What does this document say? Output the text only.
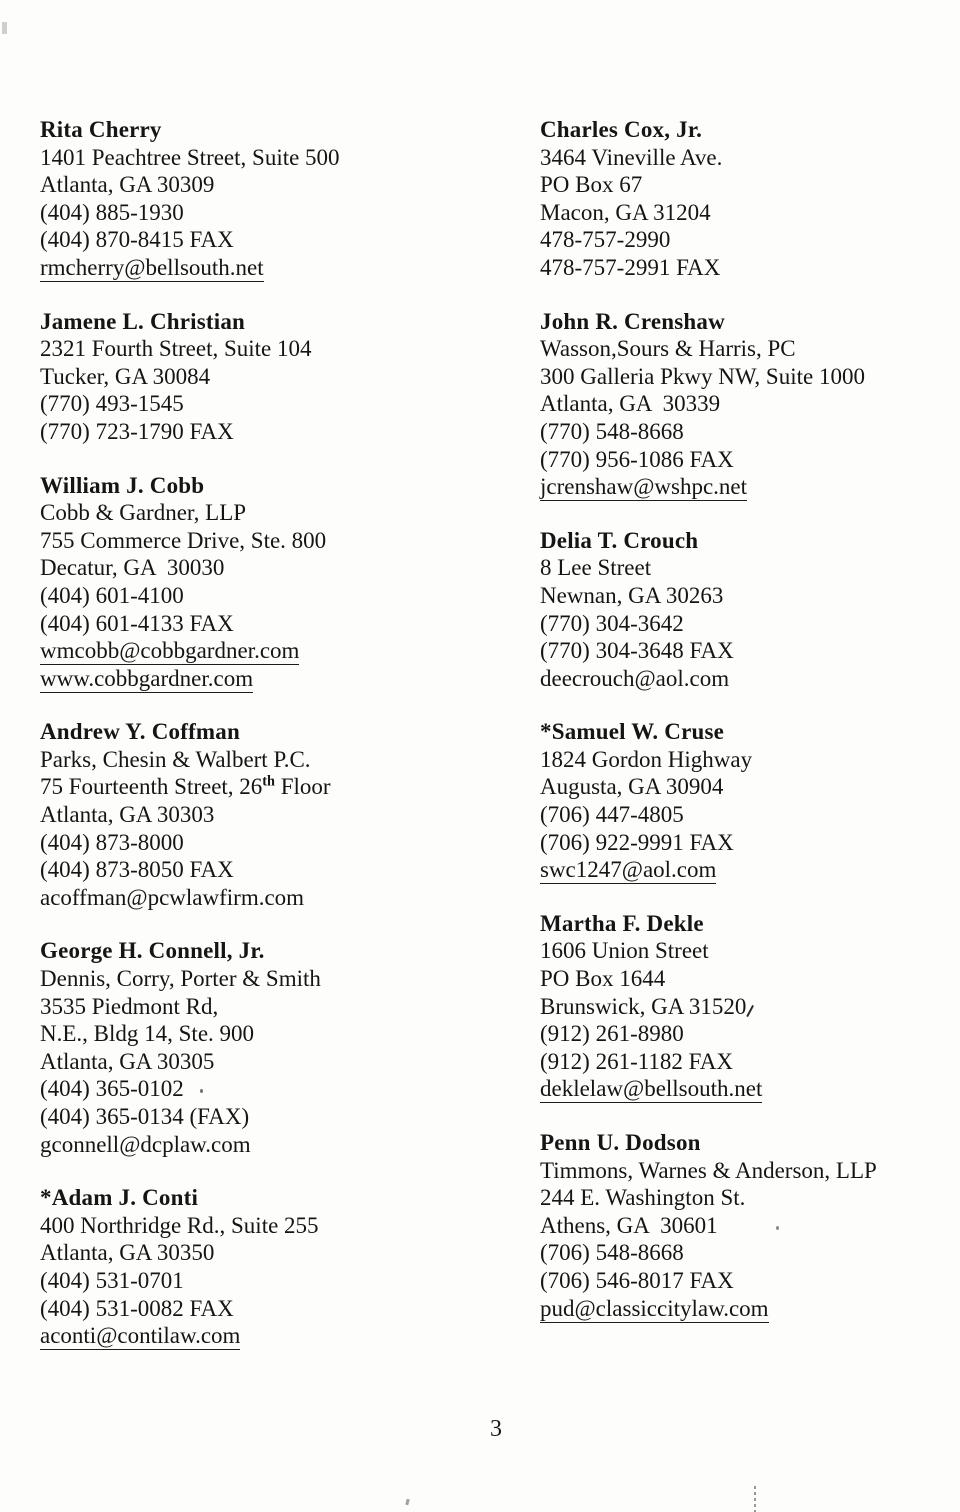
Rita Cherry
1401 Peachtree Street, Suite 500
Atlanta, GA 30309
(404) 885-1930
(404) 870-8415 FAX
rmcherry@bellsouth.net
Jamene L. Christian
2321 Fourth Street, Suite 104
Tucker, GA 30084
(770) 493-1545
(770) 723-1790 FAX
William J. Cobb
Cobb & Gardner, LLP
755 Commerce Drive, Ste. 800
Decatur, GA  30030
(404) 601-4100
(404) 601-4133 FAX
wmcobb@cobbgardner.com
www.cobbgardner.com
Andrew Y. Coffman
Parks, Chesin & Walbert P.C.
75 Fourteenth Street, 26th Floor
Atlanta, GA 30303
(404) 873-8000
(404) 873-8050 FAX
acoffman@pcwlawfirm.com
George H. Connell, Jr.
Dennis, Corry, Porter & Smith
3535 Piedmont Rd,
N.E., Bldg 14, Ste. 900
Atlanta, GA 30305
(404) 365-0102
(404) 365-0134 (FAX)
gconnell@dcplaw.com
*Adam J. Conti
400 Northridge Rd., Suite 255
Atlanta, GA 30350
(404) 531-0701
(404) 531-0082 FAX
aconti@contilaw.com
Charles Cox, Jr.
3464 Vineville Ave.
PO Box 67
Macon, GA 31204
478-757-2990
478-757-2991 FAX
John R. Crenshaw
Wasson,Sours & Harris, PC
300 Galleria Pkwy NW, Suite 1000
Atlanta, GA  30339
(770) 548-8668
(770) 956-1086 FAX
jcrenshaw@wshpc.net
Delia T. Crouch
8 Lee Street
Newnan, GA 30263
(770) 304-3642
(770) 304-3648 FAX
deecrouch@aol.com
*Samuel W. Cruse
1824 Gordon Highway
Augusta, GA 30904
(706) 447-4805
(706) 922-9991 FAX
swc1247@aol.com
Martha F. Dekle
1606 Union Street
PO Box 1644
Brunswick, GA 31520
(912) 261-8980
(912) 261-1182 FAX
deklelaw@bellsouth.net
Penn U. Dodson
Timmons, Warnes & Anderson, LLP
244 E. Washington St.
Athens, GA  30601
(706) 548-8668
(706) 546-8017 FAX
pud@classiccitylaw.com
3
